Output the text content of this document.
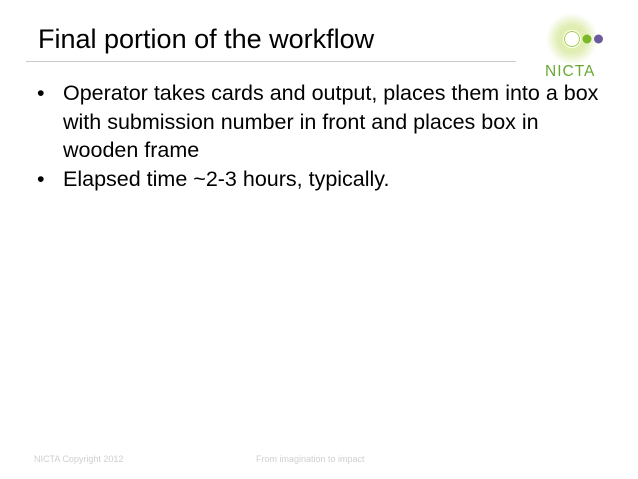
Final portion of the workflow
NICTA
• Operator takes cards and output, places them into a box with submission number in front and places box in wooden frame
• Elapsed time ~2-3 hours, typically.
NICTA Copyright 2012	From imagination to impact
